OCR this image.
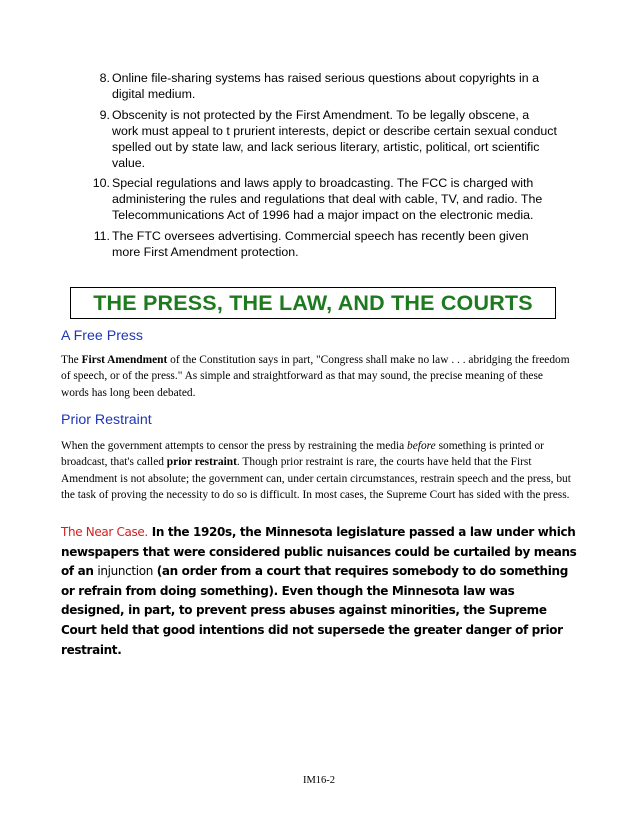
8. Online file-sharing systems has raised serious questions about copyrights in a digital medium.
9. Obscenity is not protected by the First Amendment. To be legally obscene, a work must appeal to t prurient interests, depict or describe certain sexual conduct spelled out by state law, and lack serious literary, artistic, political, ort scientific value.
10. Special regulations and laws apply to broadcasting. The FCC is charged with administering the rules and regulations that deal with cable, TV, and radio. The Telecommunications Act of 1996 had a major impact on the electronic media.
11. The FTC oversees advertising. Commercial speech has recently been given more First Amendment protection.
THE PRESS, THE LAW, AND THE COURTS
A Free Press
The First Amendment of the Constitution says in part, "Congress shall make no law . . . abridging the freedom of speech, or of the press." As simple and straightforward as that may sound, the precise meaning of these words has long been debated.
Prior Restraint
When the government attempts to censor the press by restraining the media before something is printed or broadcast, that's called prior restraint. Though prior restraint is rare, the courts have held that the First Amendment is not absolute; the government can, under certain circumstances, restrain speech and the press, but the task of proving the necessity to do so is difficult. In most cases, the Supreme Court has sided with the press.
The Near Case. In the 1920s, the Minnesota legislature passed a law under which newspapers that were considered public nuisances could be curtailed by means of an injunction (an order from a court that requires somebody to do something or refrain from doing something). Even though the Minnesota law was designed, in part, to prevent press abuses against minorities, the Supreme Court held that good intentions did not supersede the greater danger of prior restraint.
IM16-2
